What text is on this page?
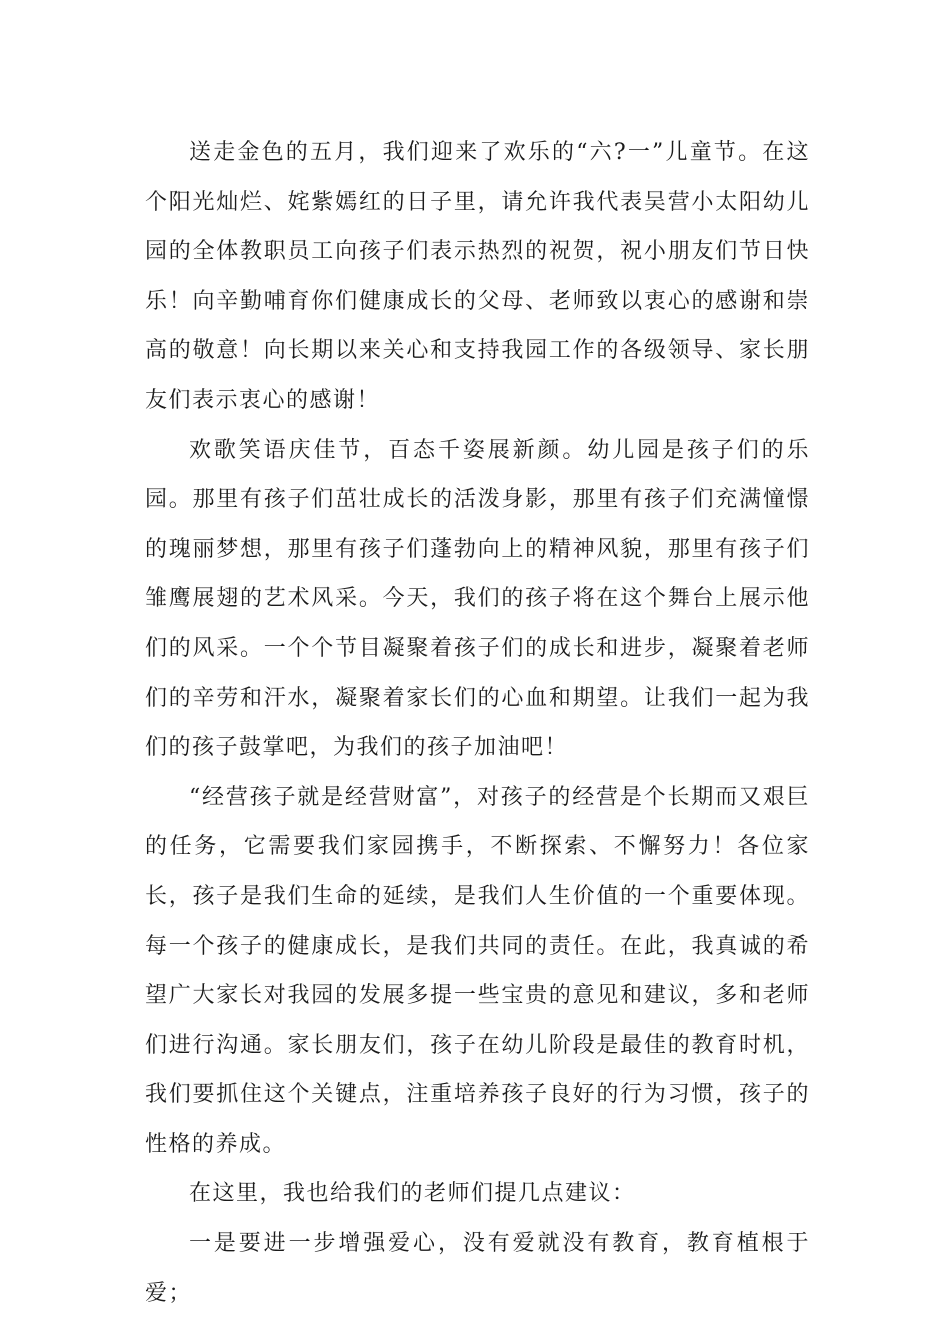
送走金色的五月，我们迎来了欢乐的“六?一”儿童节。在这个阳光灿烂、姹紫嫣红的日子里，请允许我代表吴营小太阳幼儿园的全体教职员工向孩子们表示热烈的祝贺，祝小朋友们节日快乐！向辛勤哺育你们健康成长的父母、老师致以衷心的感谢和崇高的敬意！向长期以来关心和支持我园工作的各级领导、家长朋友们表示衷心的感谢！

欢歌笑语庆佳节，百态千姿展新颜。幼儿园是孩子们的乐园。那里有孩子们茁壮成长的活泼身影，那里有孩子们充满憧憬的瑰丽梦想，那里有孩子们蓬勃向上的精神风貌，那里有孩子们雏鹰展翅的艺术风采。今天，我们的孩子将在这个舞台上展示他们的风采。一个个节目凝聚着孩子们的成长和进步，凝聚着老师们的辛劳和汗水，凝聚着家长们的心血和期望。让我们一起为我们的孩子鼓掌吧，为我们的孩子加油吧！

“经营孩子就是经营财富”，对孩子的经营是个长期而又艰巨的任务，它需要我们家园携手，不断探索、不懈努力！各位家长，孩子是我们生命的延续，是我们人生价值的一个重要体现。每一个孩子的健康成长，是我们共同的责任。在此，我真诚的希望广大家长对我园的发展多提一些宝贵的意见和建议，多和老师们进行沟通。家长朋友们，孩子在幼儿阶段是最佳的教育时机，我们要抓住这个关键点，注重培养孩子良好的行为习惯，孩子的性格的养成。

在这里，我也给我们的老师们提几点建议：

一是要进一步增强爱心，没有爱就没有教育，教育植根于爱；
